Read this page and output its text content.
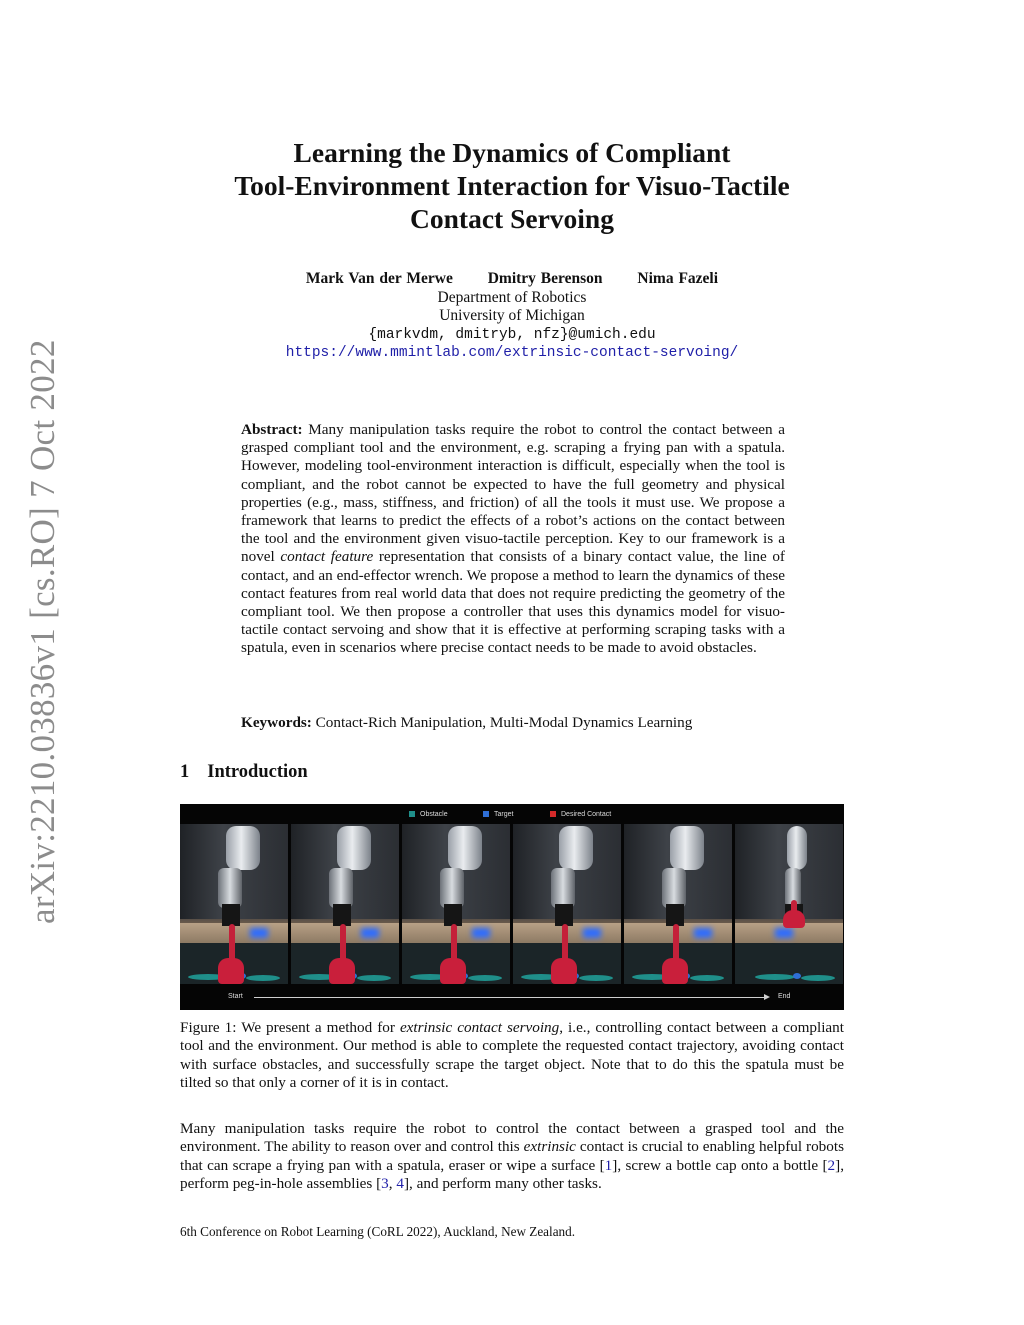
arXiv:2210.03836v1 [cs.RO] 7 Oct 2022
Learning the Dynamics of Compliant
Tool-Environment Interaction for Visuo-Tactile
Contact Servoing
Mark Van der Merwe Dmitry Berenson Nima Fazeli
Department of Robotics
University of Michigan
{markvdm, dmitryb, nfz}@umich.edu
https://www.mmintlab.com/extrinsic-contact-servoing/
Abstract: Many manipulation tasks require the robot to control the contact between a grasped compliant tool and the environment, e.g. scraping a frying pan with a spatula. However, modeling tool-environment interaction is difficult, especially when the tool is compliant, and the robot cannot be expected to have the full geometry and physical properties (e.g., mass, stiffness, and friction) of all the tools it must use. We propose a framework that learns to predict the effects of a robot’s actions on the contact between the tool and the environment given visuo-tactile perception. Key to our framework is a novel contact feature representation that consists of a binary contact value, the line of contact, and an end-effector wrench. We propose a method to learn the dynamics of these contact features from real world data that does not require predicting the geometry of the compliant tool. We then propose a controller that uses this dynamics model for visuo-tactile contact servoing and show that it is effective at performing scraping tasks with a spatula, even in scenarios where precise contact needs to be made to avoid obstacles.
Keywords: Contact-Rich Manipulation, Multi-Modal Dynamics Learning
1 Introduction
Obstacle	Target	Desired Contact
Start	End
Figure 1: We present a method for extrinsic contact servoing, i.e., controlling contact between a compliant tool and the environment. Our method is able to complete the requested contact trajectory, avoiding contact with surface obstacles, and successfully scrape the target object. Note that to do this the spatula must be tilted so that only a corner of it is in contact.
Many manipulation tasks require the robot to control the contact between a grasped tool and the environment. The ability to reason over and control this extrinsic contact is crucial to enabling helpful robots that can scrape a frying pan with a spatula, eraser or wipe a surface [1], screw a bottle cap onto a bottle [2], perform peg-in-hole assemblies [3, 4], and perform many other tasks.
6th Conference on Robot Learning (CoRL 2022), Auckland, New Zealand.
